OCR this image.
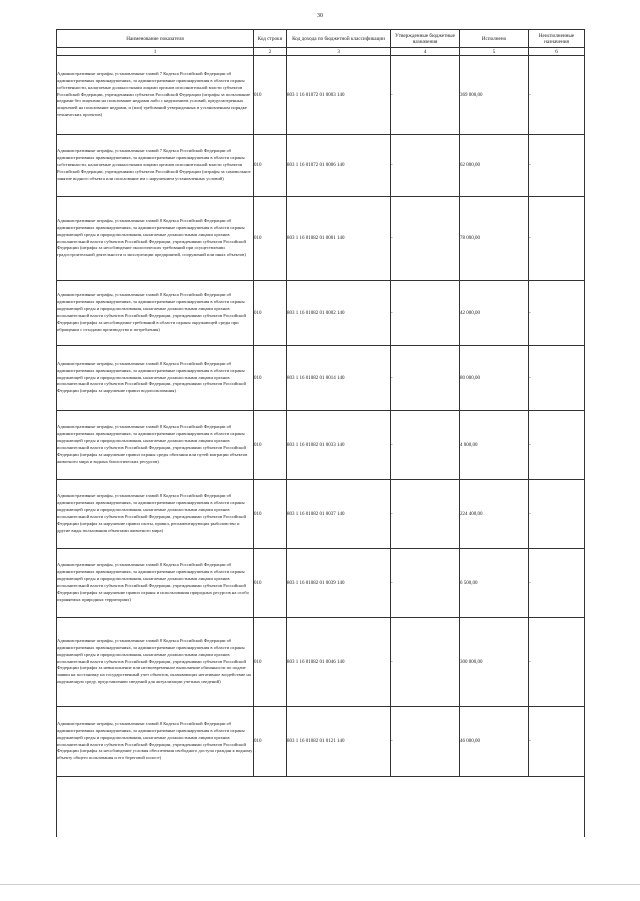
30
Наименование показателя	Код строки	Код дохода по бюджетной классификации	Утвержденные бюджетные назначения	Исполнено	Неисполненные назначения
1	2	3	4	5	6
Административные штрафы, установленные главой 7 Кодекса Российской Федерации об административных правонарушениях, за административные правонарушения в области охраны собственности, налагаемые должностными лицами органов исполнительной власти субъектов Российской Федерации, учреждениями субъектов Российской Федерации (штрафы за пользование недрами без лицензии на пользование недрами либо с нарушением условий, предусмотренных лицензией на пользование недрами, и (или) требований утвержденных в установленном порядке технических проектов)	010	803 1 16 01072 01 0003 140	-	369 000,00	-
Административные штрафы, установленные главой 7 Кодекса Российской Федерации об административных правонарушениях, за административные правонарушения в области охраны собственности, налагаемые должностными лицами органов исполнительной власти субъектов Российской Федерации, учреждениями субъектов Российской Федерации (штрафы за самовольное занятие водного объекта или пользование им с нарушением установленных условий)	010	803 1 16 01072 01 0006 140	-	62 000,00	-
Административные штрафы, установленные главой 8 Кодекса Российской Федерации об административных правонарушениях, за административные правонарушения в области охраны окружающей среды и природопользования, налагаемые должностными лицами органов исполнительной власти субъектов Российской Федерации, учреждениями субъектов Российской Федерации (штрафы за несоблюдение экологических требований при осуществлении градостроительной деятельности и эксплуатации предприятий, сооружений или иных объектов)	010	803 1 16 01082 01 0001 140	-	78 000,00	-
Административные штрафы, установленные главой 8 Кодекса Российской Федерации об административных правонарушениях, за административные правонарушения в области охраны окружающей среды и природопользования, налагаемые должностными лицами органов исполнительной власти субъектов Российской Федерации, учреждениями субъектов Российской Федерации (штрафы за несоблюдение требований в области охраны окружающей среды при обращении с отходами производства и потребления)	010	803 1 16 01082 01 0002 140	-	42 000,00	-
Административные штрафы, установленные главой 8 Кодекса Российской Федерации об административных правонарушениях, за административные правонарушения в области охраны окружающей среды и природопользования, налагаемые должностными лицами органов исполнительной власти субъектов Российской Федерации, учреждениями субъектов Российской Федерации (штрафы за нарушение правил водопользования)	010	803 1 16 01082 01 0014 140	-	80 000,00	-
Административные штрафы, установленные главой 8 Кодекса Российской Федерации об административных правонарушениях, за административные правонарушения в области охраны окружающей среды и природопользования, налагаемые должностными лицами органов исполнительной власти субъектов Российской Федерации, учреждениями субъектов Российской Федерации (штрафы за нарушение правил охраны среды обитания или путей миграции объектов животного мира и водных биологических ресурсов)	010	803 1 16 01082 01 0033 140	-	4 000,00	-
Административные штрафы, установленные главой 8 Кодекса Российской Федерации об административных правонарушениях, за административные правонарушения в области охраны окружающей среды и природопользования, налагаемые должностными лицами органов исполнительной власти субъектов Российской Федерации, учреждениями субъектов Российской Федерации (штрафы за нарушение правил охоты, правил, регламентирующих рыболовство и другие виды пользования объектами животного мира)	010	803 1 16 01082 01 0037 140	-	224 400,00	-
Административные штрафы, установленные главой 8 Кодекса Российской Федерации об административных правонарушениях, за административные правонарушения в области охраны окружающей среды и природопользования, налагаемые должностными лицами органов исполнительной власти субъектов Российской Федерации, учреждениями субъектов Российской Федерации (штрафы за нарушение правил охраны и использования природных ресурсов на особо охраняемых природных территориях)	010	803 1 16 01082 01 0039 140	-	6 500,00	-
Административные штрафы, установленные главой 8 Кодекса Российской Федерации об административных правонарушениях, за административные правонарушения в области охраны окружающей среды и природопользования, налагаемые должностными лицами органов исполнительной власти субъектов Российской Федерации, учреждениями субъектов Российской Федерации (штрафы за невыполнение или несвоевременное выполнение обязанности по подаче заявки на постановку на государственный учет объектов, оказывающих негативное воздействие на окружающую среду, представлению сведений для актуализации учетных сведений)	010	803 1 16 01082 01 0046 140	-	300 000,00	-
Административные штрафы, установленные главой 8 Кодекса Российской Федерации об административных правонарушениях, за административные правонарушения в области охраны окружающей среды и природопользования, налагаемые должностными лицами органов исполнительной власти субъектов Российской Федерации, учреждениями субъектов Российской Федерации (штрафы за несоблюдение условия обеспечения свободного доступа граждан к водному объекту общего пользования и его береговой полосе)	010	803 1 16 01082 01 0121 140	-	46 000,00	-
